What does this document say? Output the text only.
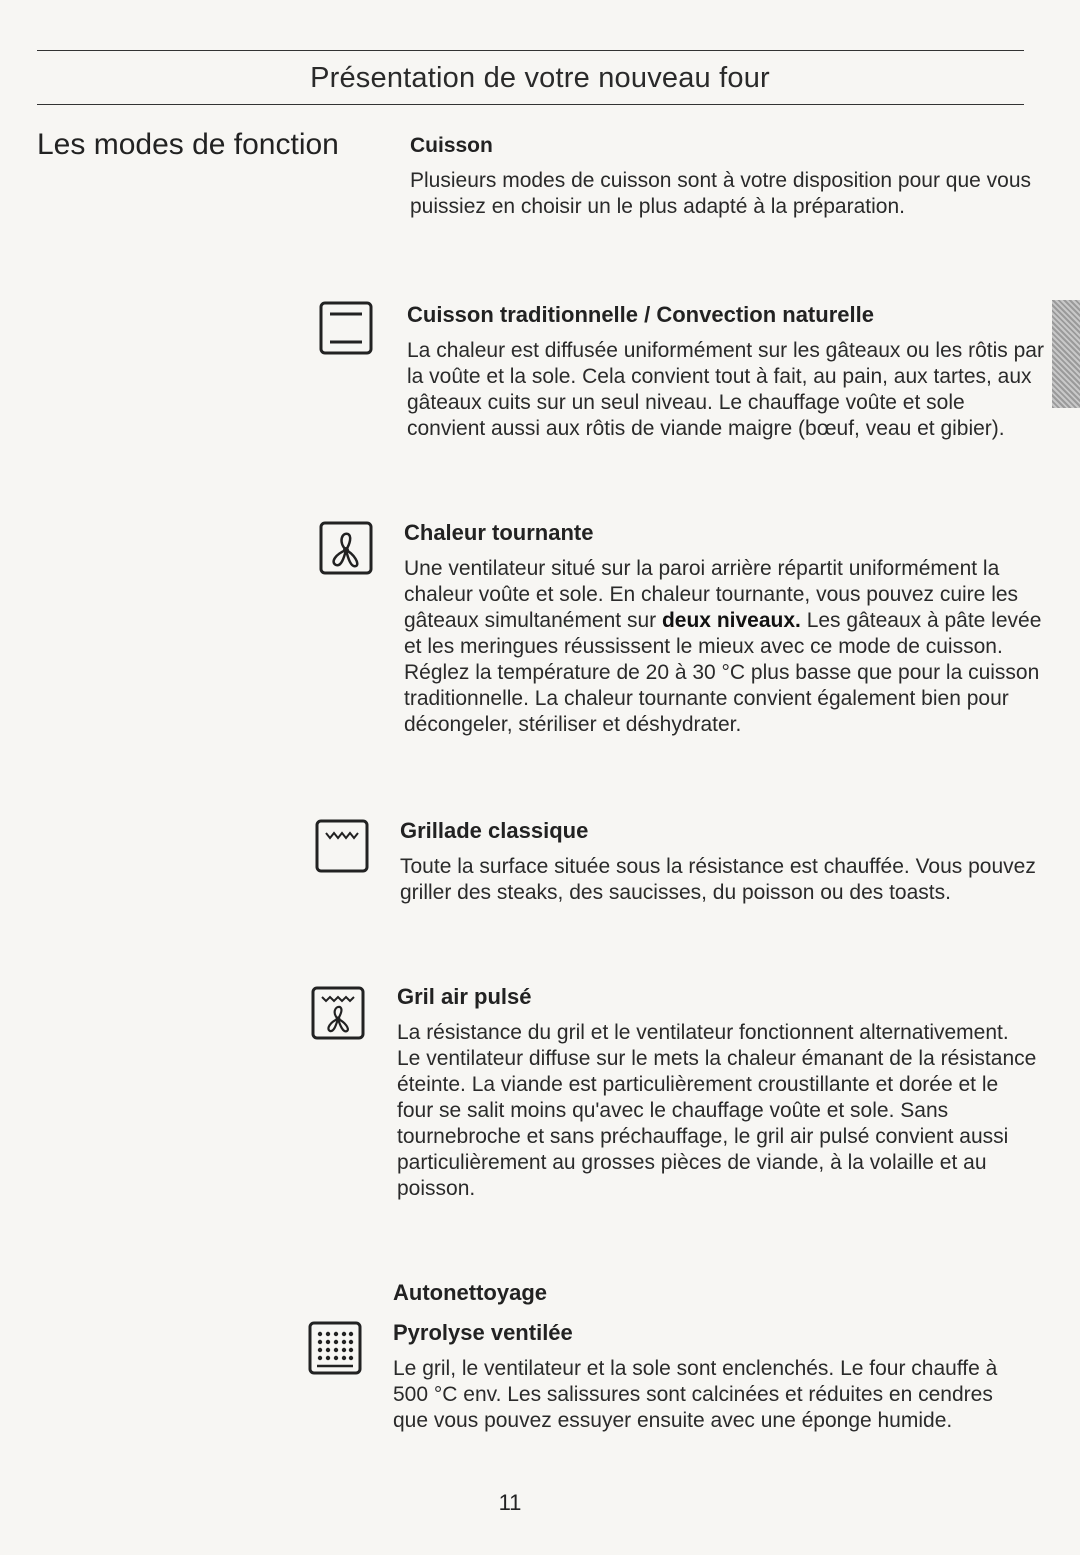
Présentation de votre nouveau four
Les modes de fonction	Cuisson

Plusieurs modes de cuisson sont à votre disposition pour que vous puissiez en choisir un le plus adapté à la préparation.

Cuisson traditionnelle / Convection naturelle

La chaleur est diffusée uniformément sur les gâteaux ou les rôtis par la voûte et la sole. Cela convient tout à fait, au pain, aux tartes, aux gâteaux cuits sur un seul niveau. Le chauffage voûte et sole convient aussi aux rôtis de viande maigre (bœuf, veau et gibier).

Chaleur tournante

Une ventilateur situé sur la paroi arrière répartit uniformément la chaleur voûte et sole. En chaleur tournante, vous pouvez cuire les gâteaux simultanément sur deux niveaux. Les gâteaux à pâte levée et les meringues réussissent le mieux avec ce mode de cuisson. Réglez la température de 20 à 30 °C plus basse que pour la cuisson traditionnelle. La chaleur tournante convient également bien pour décongeler, stériliser et déshydrater.

Grillade classique

Toute la surface située sous la résistance est chauffée. Vous pouvez griller des steaks, des saucisses, du poisson ou des toasts.

Gril air pulsé

La résistance du gril et le ventilateur fonctionnent alternativement. Le ventilateur diffuse sur le mets la chaleur émanant de la résistance éteinte. La viande est particulièrement croustillante et dorée et le four se salit moins qu'avec le chauffage voûte et sole. Sans tournebroche et sans préchauffage, le gril air pulsé convient aussi particulièrement au grosses pièces de viande, à la volaille et au poisson.

Autonettoyage
Pyrolyse ventilée

Le gril, le ventilateur et la sole sont enclenchés. Le four chauffe à 500 °C env. Les salissures sont calcinées et réduites en cendres que vous pouvez essuyer ensuite avec une éponge humide.

11
